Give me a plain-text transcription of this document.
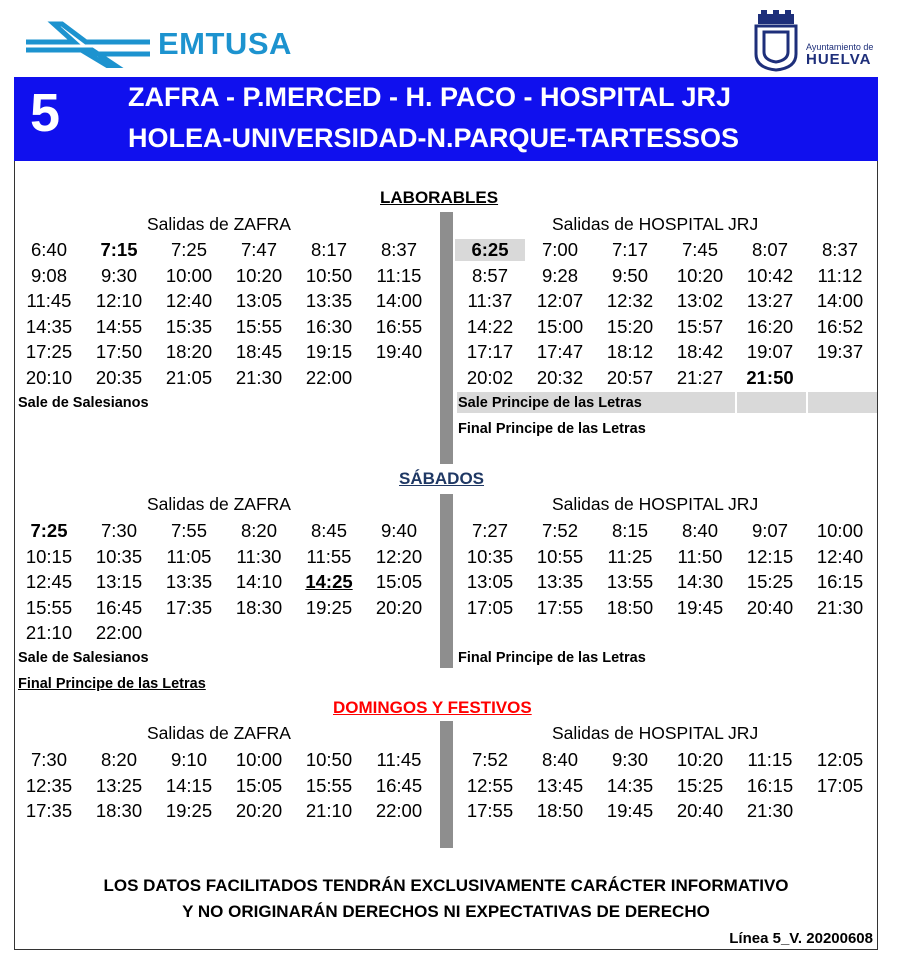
EMTUSA	Ayuntamiento de
HUELVA
5	ZAFRA - P.MERCED - H. PACO - HOSPITAL JRJ
HOLEA-UNIVERSIDAD-N.PARQUE-TARTESSOS
LABORABLES
Salidas de ZAFRA	Salidas de HOSPITAL JRJ
6:40	7:15	7:25	7:47	8:17	8:37
9:08	9:30	10:00	10:20	10:50	11:15
11:45	12:10	12:40	13:05	13:35	14:00
14:35	14:55	15:35	15:55	16:30	16:55
17:25	17:50	18:20	18:45	19:15	19:40
20:10	20:35	21:05	21:30	22:00
6:25	7:00	7:17	7:45	8:07	8:37
8:57	9:28	9:50	10:20	10:42	11:12
11:37	12:07	12:32	13:02	13:27	14:00
14:22	15:00	15:20	15:57	16:20	16:52
17:17	17:47	18:12	18:42	19:07	19:37
20:02	20:32	20:57	21:27	21:50
Sale de Salesianos	Sale Principe de las Letras
Final Principe de las Letras
SÁBADOS
Salidas de ZAFRA	Salidas de HOSPITAL JRJ
7:25	7:30	7:55	8:20	8:45	9:40
10:15	10:35	11:05	11:30	11:55	12:20
12:45	13:15	13:35	14:10	14:25	15:05
15:55	16:45	17:35	18:30	19:25	20:20
21:10	22:00
7:27	7:52	8:15	8:40	9:07	10:00
10:35	10:55	11:25	11:50	12:15	12:40
13:05	13:35	13:55	14:30	15:25	16:15
17:05	17:55	18:50	19:45	20:40	21:30
Sale de Salesianos	Final Principe de las Letras
Final Principe de las Letras
DOMINGOS Y FESTIVOS
Salidas de ZAFRA	Salidas de HOSPITAL JRJ
7:30	8:20	9:10	10:00	10:50	11:45
12:35	13:25	14:15	15:05	15:55	16:45
17:35	18:30	19:25	20:20	21:10	22:00
7:52	8:40	9:30	10:20	11:15	12:05
12:55	13:45	14:35	15:25	16:15	17:05
17:55	18:50	19:45	20:40	21:30
LOS DATOS FACILITADOS TENDRÁN EXCLUSIVAMENTE CARÁCTER INFORMATIVO
Y NO ORIGINARÁN DERECHOS NI EXPECTATIVAS DE DERECHO
Línea 5_V. 20200608
